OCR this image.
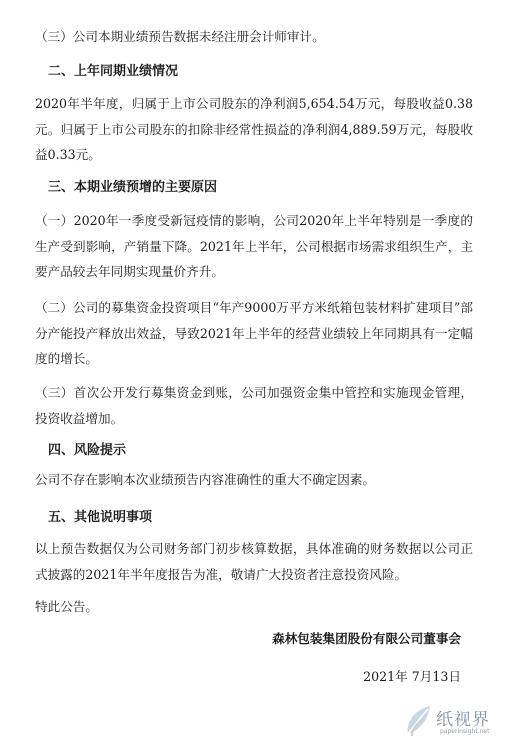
（三）公司本期业绩预告数据未经注册会计师审计。
二、上年同期业绩情况
2020年半年度，归属于上市公司股东的净利润5,654.54万元，每股收益0.38元。归属于上市公司股东的扣除非经常性损益的净利润4,889.59万元，每股收益0.33元。
三、本期业绩预增的主要原因
（一）2020年一季度受新冠疫情的影响，公司2020年上半年特别是一季度的生产受到影响，产销量下降。2021年上半年，公司根据市场需求组织生产，主要产品较去年同期实现量价齐升。
（二）公司的募集资金投资项目“年产9000万平方米纸箱包装材料扩建项目”部分产能投产释放出效益，导致2021年上半年的经营业绩较上年同期具有一定幅度的增长。
（三）首次公开发行募集资金到账，公司加强资金集中管控和实施现金管理，投资收益增加。
四、风险提示
公司不存在影响本次业绩预告内容准确性的重大不确定因素。
五、其他说明事项
以上预告数据仅为公司财务部门初步核算数据，具体准确的财务数据以公司正式披露的2021年半年度报告为准，敬请广大投资者注意投资风险。
特此公告。
森林包装集团股份有限公司董事会
2021年 7月13日
纸视界
paperinsight.net
